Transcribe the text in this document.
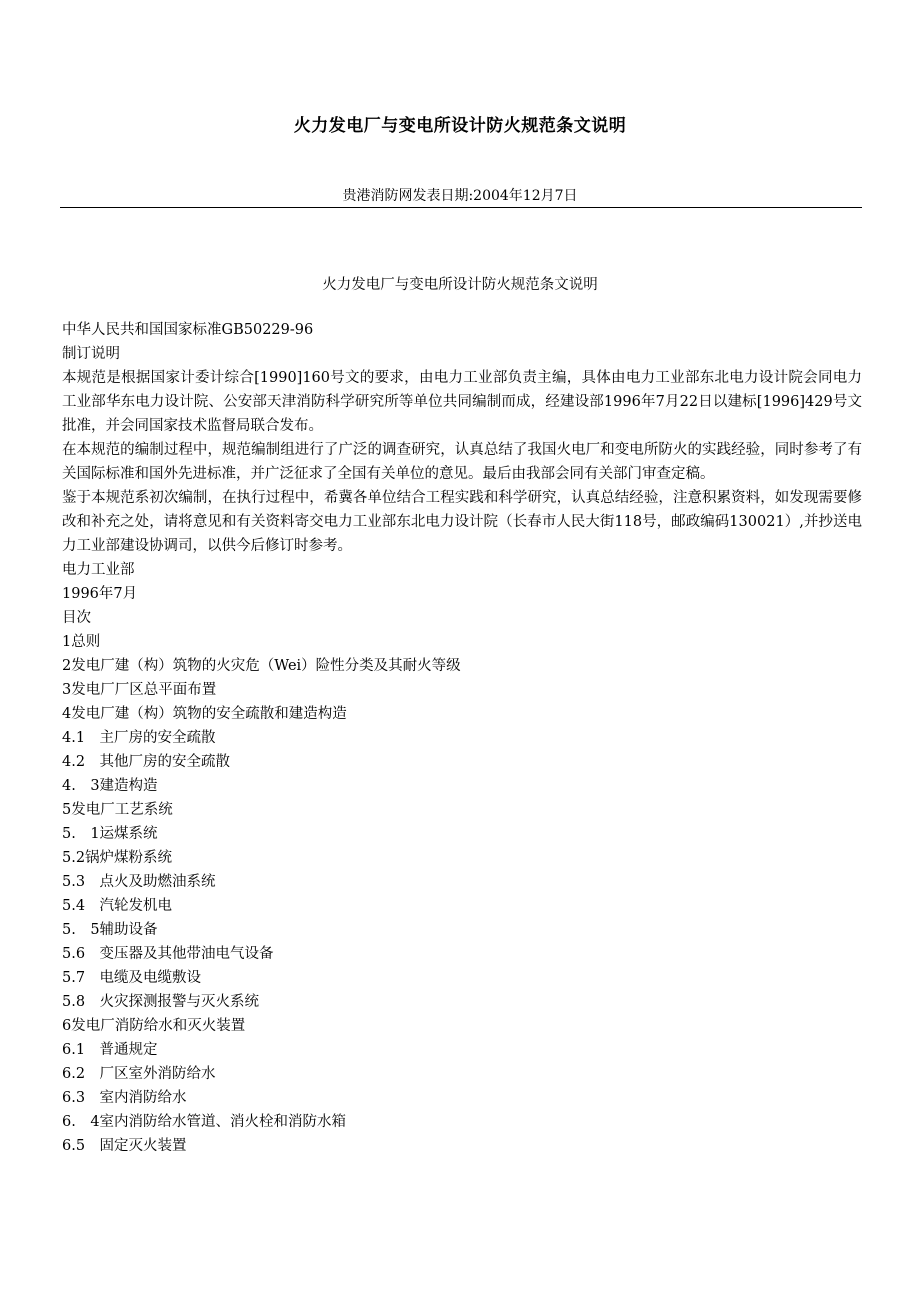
火力发电厂与变电所设计防火规范条文说明
贵港消防网发表日期:2004年12月7日
火力发电厂与变电所设计防火规范条文说明

中华人民共和国国家标准GB50229-96

制订说明

本规范是根据国家计委计综合[1990]160号文的要求，由电力工业部负责主编，具体由电力工业部东北电力设计院会同电力工业部华东电力设计院、公安部天津消防科学研究所等单位共同编制而成，经建设部1996年7月22日以建标[1996]429号文批准，并会同国家技术监督局联合发布。

在本规范的编制过程中，规范编制组进行了广泛的调查研究，认真总结了我国火电厂和变电所防火的实践经验，同时参考了有关国际标准和国外先进标准，并广泛征求了全国有关单位的意见。最后由我部会同有关部门审查定稿。

鉴于本规范系初次编制，在执行过程中，希冀各单位结合工程实践和科学研究，认真总结经验，注意积累资料，如发现需要修改和补充之处，请将意见和有关资料寄交电力工业部东北电力设计院（长春市人民大街118号，邮政编码130021）,并抄送电力工业部建设协调司，以供今后修订时参考。

电力工业部

1996年7月

目次

1总则

2发电厂建（构）筑物的火灾危（Wei）险性分类及其耐火等级

3发电厂厂区总平面布置

4发电厂建（构）筑物的安全疏散和建造构造

4.1　主厂房的安全疏散

4.2　其他厂房的安全疏散

4.　3建造构造

5发电厂工艺系统

5.　1运煤系统

5.2锅炉煤粉系统

5.3　点火及助燃油系统

5.4　汽轮发机电

5.　5辅助设备

5.6　变压器及其他带油电气设备

5.7　电缆及电缆敷设

5.8　火灾探测报警与灭火系统

6发电厂消防给水和灭火装置

6.1　普通规定

6.2　厂区室外消防给水

6.3　室内消防给水

6.　4室内消防给水管道、消火栓和消防水箱

6.5　固定灭火装置
